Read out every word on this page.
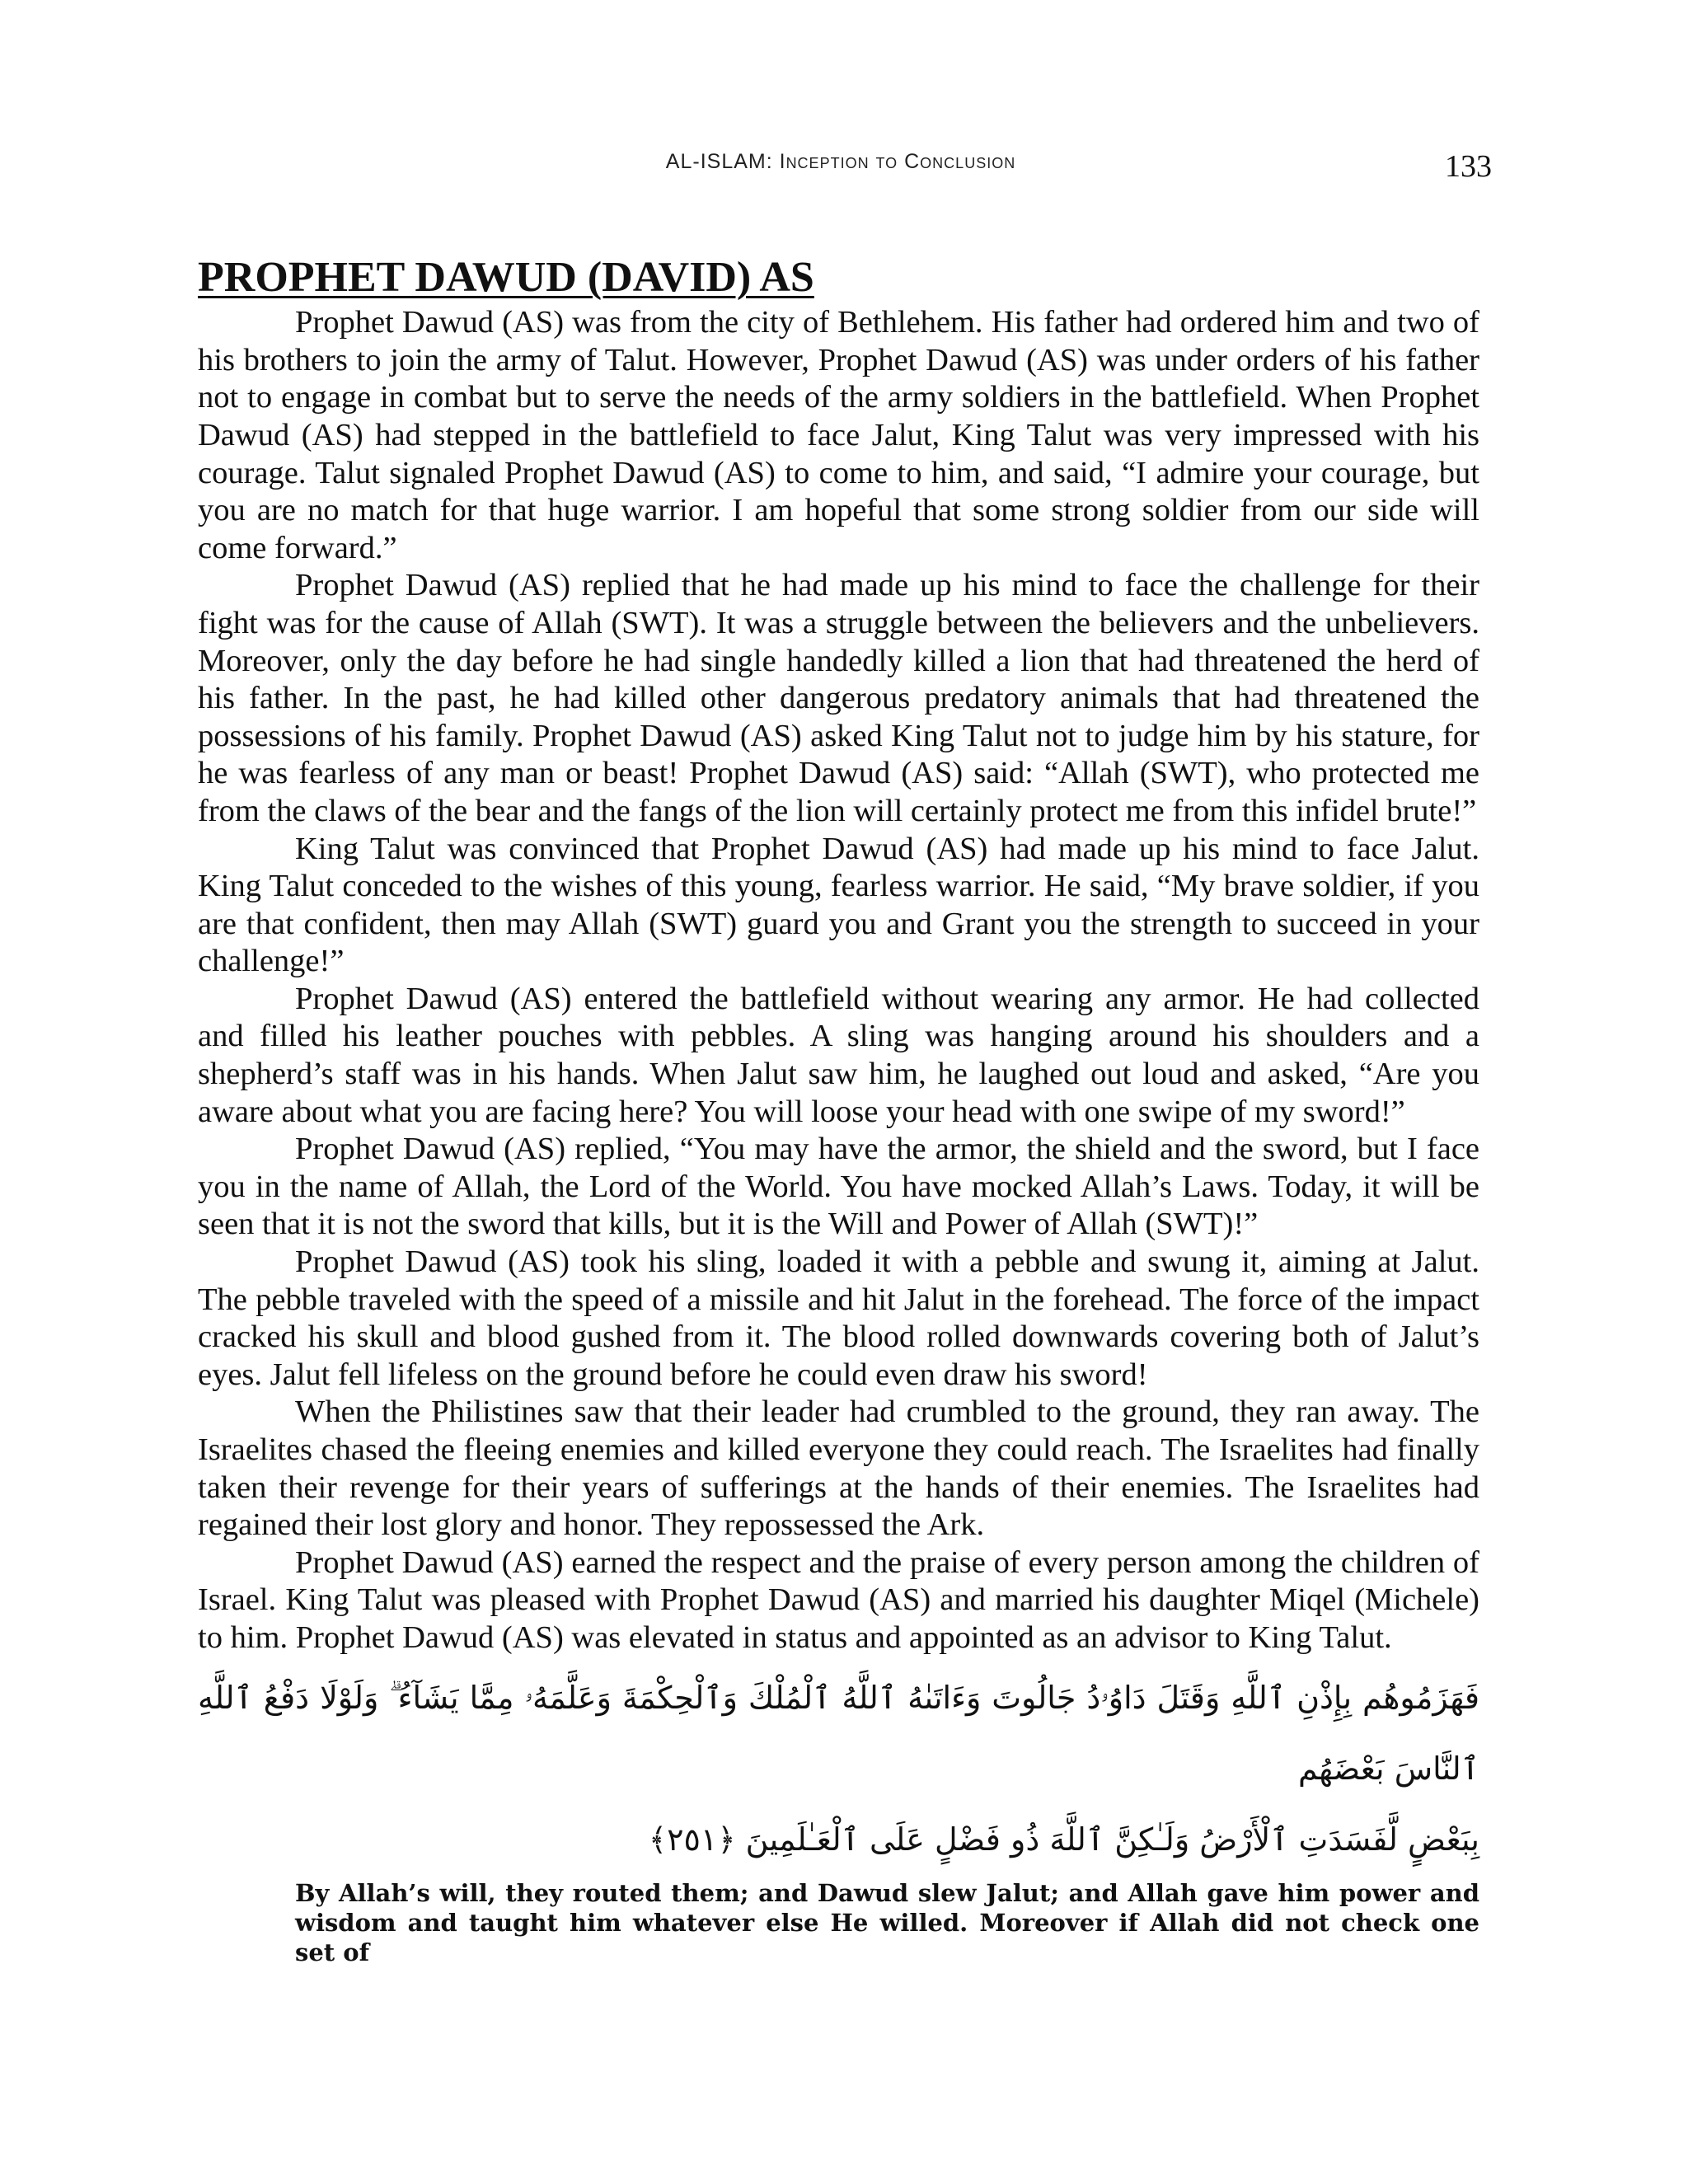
AL-ISLAM: Inception to Conclusion	133
PROPHET DAWUD (DAVID) AS

Prophet Dawud (AS) was from the city of Bethlehem. His father had ordered him and two of his brothers to join the army of Talut. However, Prophet Dawud (AS) was under orders of his father not to engage in combat but to serve the needs of the army soldiers in the battlefield. When Prophet Dawud (AS) had stepped in the battlefield to face Jalut, King Talut was very impressed with his courage. Talut signaled Prophet Dawud (AS) to come to him, and said, “I admire your courage, but you are no match for that huge warrior. I am hopeful that some strong soldier from our side will come forward.”

Prophet Dawud (AS) replied that he had made up his mind to face the challenge for their fight was for the cause of Allah (SWT). It was a struggle between the believers and the unbelievers. Moreover, only the day before he had single handedly killed a lion that had threatened the herd of his father. In the past, he had killed other dangerous predatory animals that had threatened the possessions of his family. Prophet Dawud (AS) asked King Talut not to judge him by his stature, for he was fearless of any man or beast! Prophet Dawud (AS) said: “Allah (SWT), who protected me from the claws of the bear and the fangs of the lion will certainly protect me from this infidel brute!”

King Talut was convinced that Prophet Dawud (AS) had made up his mind to face Jalut. King Talut conceded to the wishes of this young, fearless warrior. He said, “My brave soldier, if you are that confident, then may Allah (SWT) guard you and Grant you the strength to succeed in your challenge!”

Prophet Dawud (AS) entered the battlefield without wearing any armor. He had collected and filled his leather pouches with pebbles. A sling was hanging around his shoulders and a shepherd’s staff was in his hands. When Jalut saw him, he laughed out loud and asked, “Are you aware about what you are facing here? You will loose your head with one swipe of my sword!”

Prophet Dawud (AS) replied, “You may have the armor, the shield and the sword, but I face you in the name of Allah, the Lord of the World. You have mocked Allah’s Laws. Today, it will be seen that it is not the sword that kills, but it is the Will and Power of Allah (SWT)!”

Prophet Dawud (AS) took his sling, loaded it with a pebble and swung it, aiming at Jalut. The pebble traveled with the speed of a missile and hit Jalut in the forehead. The force of the impact cracked his skull and blood gushed from it. The blood rolled downwards covering both of Jalut’s eyes. Jalut fell lifeless on the ground before he could even draw his sword!

When the Philistines saw that their leader had crumbled to the ground, they ran away. The Israelites chased the fleeing enemies and killed everyone they could reach. The Israelites had finally taken their revenge for their years of sufferings at the hands of their enemies. The Israelites had regained their lost glory and honor. They repossessed the Ark.

Prophet Dawud (AS) earned the respect and the praise of every person among the children of Israel. King Talut was pleased with Prophet Dawud (AS) and married his daughter Miqel (Michele) to him. Prophet Dawud (AS) was elevated in status and appointed as an advisor to King Talut.

فَهَزَمُوهُم بِإِذْنِ ٱللَّهِ وَقَتَلَ دَاوُۥدُ جَالُوتَ وَءَاتَىٰهُ ٱللَّهُ ٱلْمُلْكَ وَٱلْحِكْمَةَ وَعَلَّمَهُۥ مِمَّا يَشَآءُ ۗ وَلَوْلَا دَفْعُ ٱللَّهِ ٱلنَّاسَ بَعْضَهُم
بِبَعْضٍ لَّفَسَدَتِ ٱلْأَرْضُ وَلَـٰكِنَّ ٱللَّهَ ذُو فَضْلٍ عَلَى ٱلْعَـٰلَمِينَ ﴿٢٥١﴾

By Allah’s will, they routed them; and Dawud slew Jalut; and Allah gave him power and wisdom and taught him whatever else He willed. Moreover if Allah did not check one set of
